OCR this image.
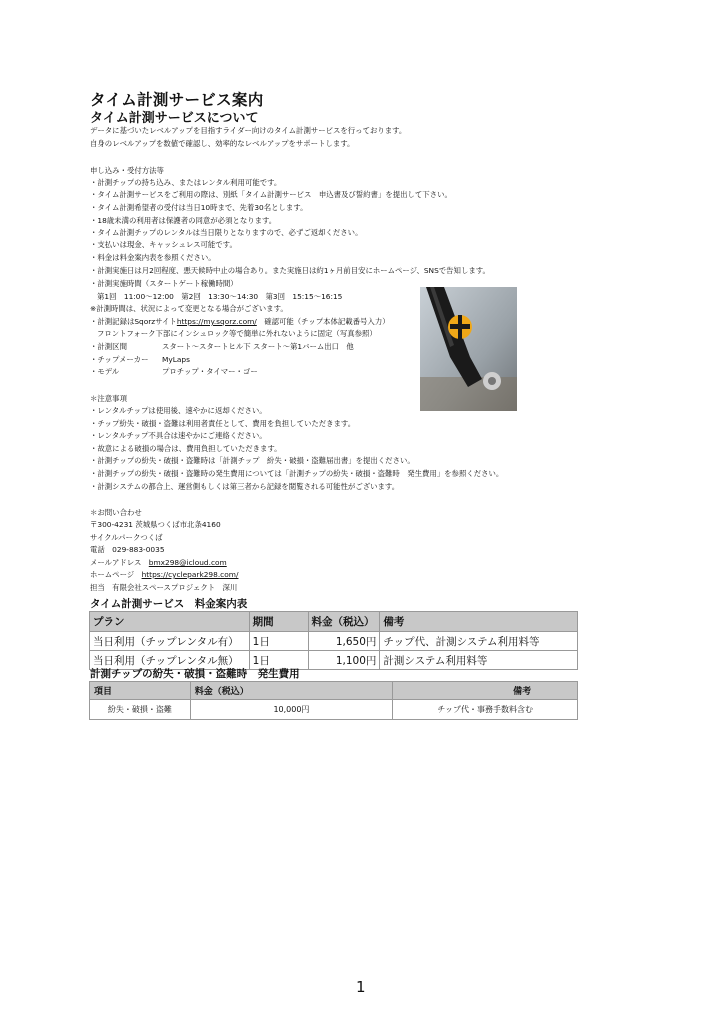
タイム計測サービス案内
タイム計測サービスについて
データに基づいたレベルアップを目指すライダー向けのタイム計測サービスを行っております。
自身のレベルアップを数値で確認し、効率的なレベルアップをサポートします。
申し込み・受付方法等
・計測チップの持ち込み、またはレンタル利用可能です。
・タイム計測サービスをご利用の際は、別紙「タイム計測サービス　申込書及び誓約書」を提出して下さい。
・タイム計測希望者の受付は当日10時まで、先着30名とします。
・18歳未満の利用者は保護者の同意が必須となります。
・タイム計測チップのレンタルは当日限りとなりますので、必ずご返却ください。
・支払いは現金、キャッシュレス可能です。
・料金は料金案内表を参照ください。
・計測実施日は月2回程度、悪天候時中止の場合あり。また実施日は約1ヶ月前目安にホームページ、SNSで告知します。
・計測実施時間（スタートゲート稼働時間）
第1回　11:00〜12:00　第2回　13:30〜14:30　第3回　15:15〜16:15
※計測時間は、状況によって変更となる場合がございます。
・計測記録はSqorzサイトhttps://my.sqorz.com/　確認可能（チップ本体記載番号入力）
フロントフォーク下部にインシュロック等で簡単に外れないように固定（写真参照）
・計測区間	スタート〜スタートヒル下 スタート〜第1バーム出口　他
・チップメーカー MyLaps
・モデル	プロチップ・タイマー・ゴー
＊注意事項
・レンタルチップは使用後、速やかに返却ください。
・チップ紛失・破損・盗難は利用者責任として、費用を負担していただきます。
・レンタルチップ不具合は速やかにご連絡ください。
・故意による破損の場合は、費用負担していただきます。
・計測チップの紛失・破損・盗難時は「計測チップ　紛失・破損・盗難届出書」を提出ください。
・計測チップの紛失・破損・盗難時の発生費用については「計測チップの紛失・破損・盗難時　発生費用」を参照ください。
・計測システムの都合上、運営側もしくは第三者から記録を閲覧される可能性がございます。
＊お問い合わせ
〒300-4231 茨城県つくば市北条4160
サイクルパークつくば
電話　029-883-0035
メールアドレス　bmx298@icloud.com
ホームページ　https://cyclepark298.com/
担当　有限会社スペースプロジェクト　深川
タイム計測サービス　料金案内表
プラン	期間	料金（税込）	備考
当日利用（チップレンタル有）	1日	1,650円	チップ代、計測システム利用料等
当日利用（チップレンタル無）	1日	1,100円	計測システム利用料等
計測チップの紛失・破損・盗難時　発生費用
項目	料金（税込）	備考
紛失・破損・盗難	10,000円	チップ代・事務手数料含む
1
